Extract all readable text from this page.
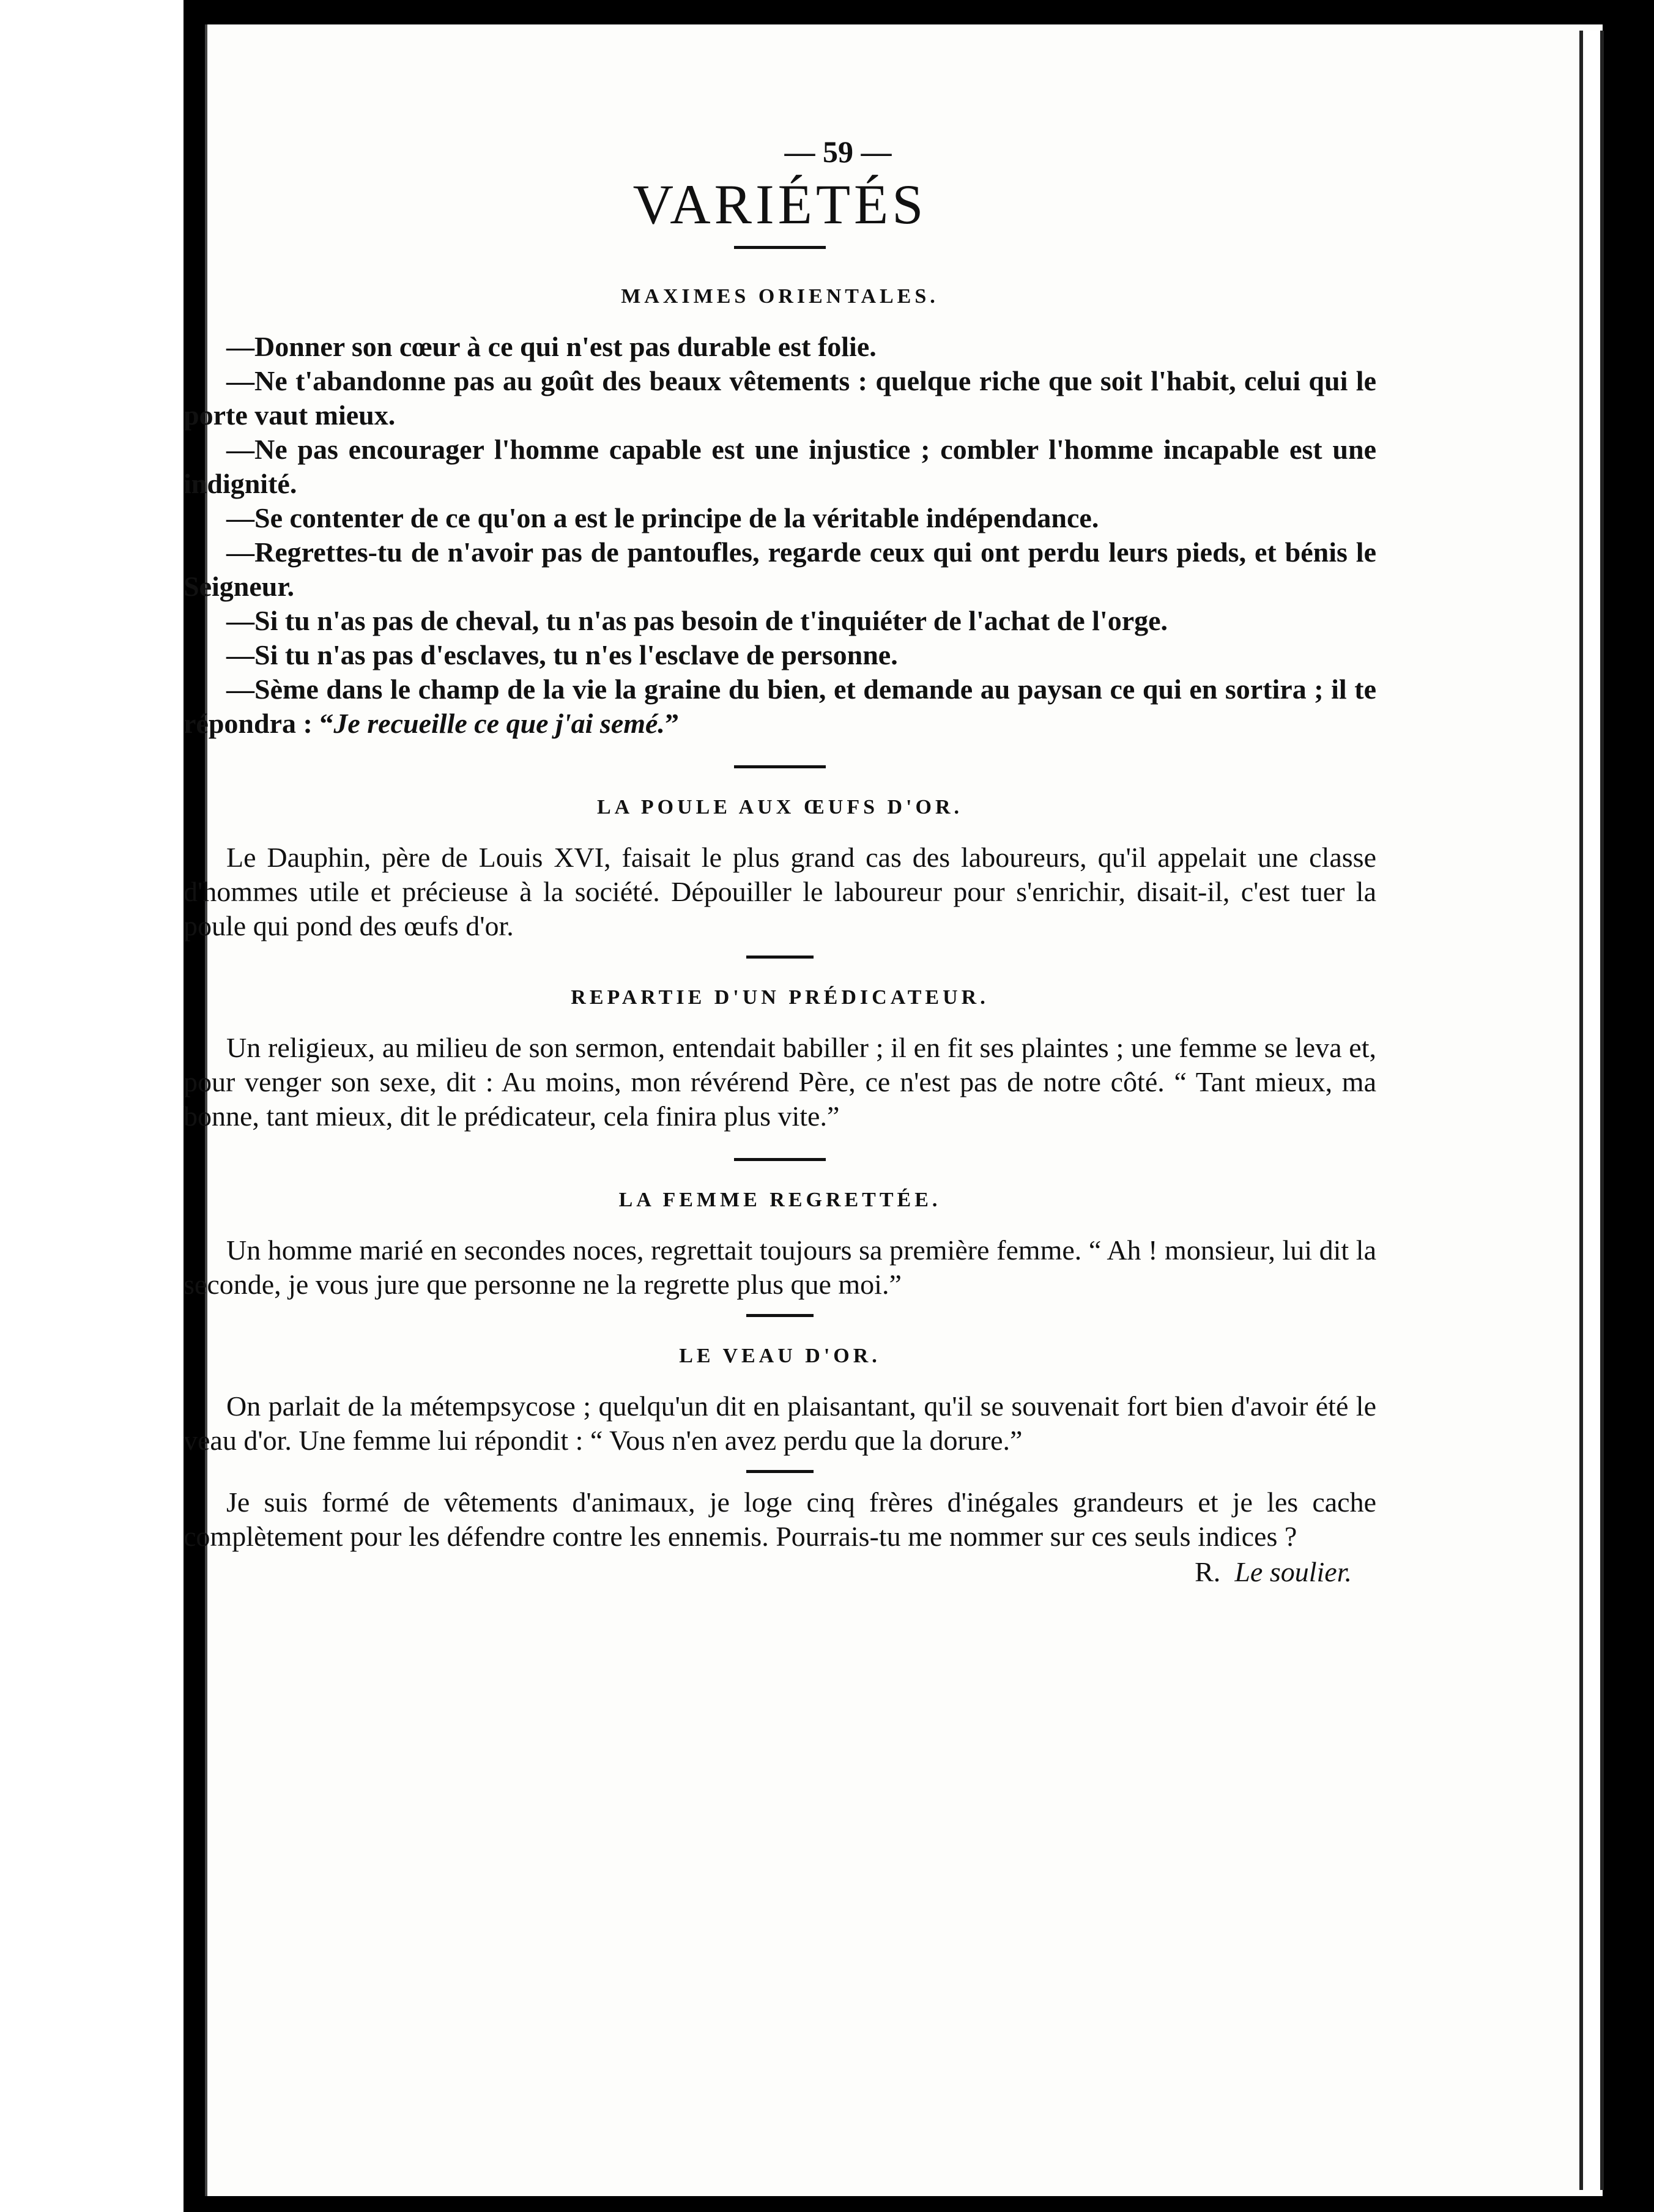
— 59 —
VARIÉTÉS
MAXIMES ORIENTALES.

—Donner son cœur à ce qui n'est pas durable est folie.

—Ne t'abandonne pas au goût des beaux vêtements : quelque riche que soit l'habit, celui qui le porte vaut mieux.

—Ne pas encourager l'homme capable est une injustice ; combler l'homme incapable est une indignité.

—Se contenter de ce qu'on a est le principe de la véritable indépendance.

—Regrettes-tu de n'avoir pas de pantoufles, regarde ceux qui ont perdu leurs pieds, et bénis le Seigneur.

—Si tu n'as pas de cheval, tu n'as pas besoin de t'inquiéter de l'achat de l'orge.

—Si tu n'as pas d'esclaves, tu n'es l'esclave de personne.

—Sème dans le champ de la vie la graine du bien, et demande au paysan ce qui en sortira ; il te répondra : “Je recueille ce que j'ai semé.”

LA POULE AUX ŒUFS D'OR.

Le Dauphin, père de Louis XVI, faisait le plus grand cas des laboureurs, qu'il appelait une classe d'hommes utile et précieuse à la société. Dépouiller le laboureur pour s'enrichir, disait-il, c'est tuer la poule qui pond des œufs d'or.

REPARTIE D'UN PRÉDICATEUR.

Un religieux, au milieu de son sermon, entendait babiller ; il en fit ses plaintes ; une femme se leva et, pour venger son sexe, dit : Au moins, mon révérend Père, ce n'est pas de notre côté. “ Tant mieux, ma bonne, tant mieux, dit le prédicateur, cela finira plus vite.”

LA FEMME REGRETTÉE.

Un homme marié en secondes noces, regrettait toujours sa première femme. “ Ah ! monsieur, lui dit la seconde, je vous jure que personne ne la regrette plus que moi.”

LE VEAU D'OR.

On parlait de la métempsycose ; quelqu'un dit en plaisantant, qu'il se souvenait fort bien d'avoir été le veau d'or. Une femme lui répondit : “ Vous n'en avez perdu que la dorure.”

Je suis formé de vêtements d'animaux, je loge cinq frères d'inégales grandeurs et je les cache complètement pour les défendre contre les ennemis. Pourrais-tu me nommer sur ces seuls indices ?

R. Le soulier.
